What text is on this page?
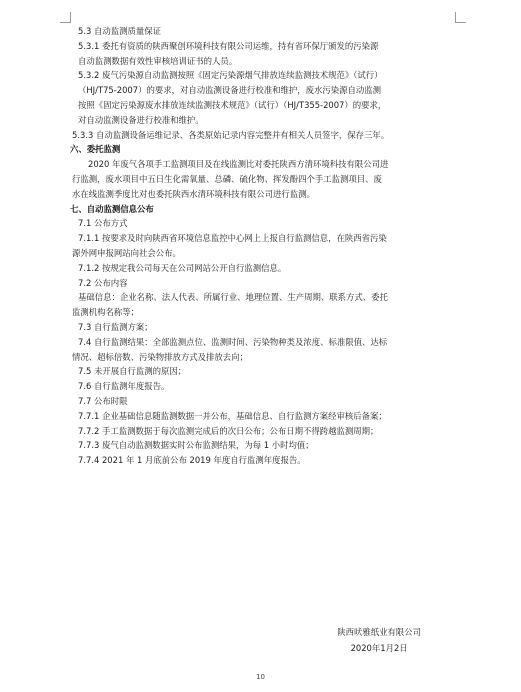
5.3 自动监测质量保证

5.3.1 委托有资质的陕西聚创环境科技有限公司运维，持有省环保厅颁发的污染源

自动监测数据有效性审核培训证书的人员。

5.3.2 废气污染源自动监测按照《固定污染源烟气排放连续监测技术规范》（试行）

（HJ/T75-2007）的要求，对自动监测设备进行校准和维护，废水污染源自动监测

按照《固定污染源废水排放连续监测技术规范》（试行）（HJ/T355-2007）的要求，

对自动监测设备进行校准和维护。

5.3.3 自动监测设备运维记录、各类原始记录内容完整并有相关人员签字，保存三年。

六、委托监测

2020 年废气各项手工监测项目及在线监测比对委托陕西方清环境科技有限公司进

行监测，废水项目中五日生化需氧量、总磷、硫化物、挥发酚四个手工监测项目、废

水在线监测季度比对也委托陕西水清环境科技有限公司进行监测。

七、自动监测信息公布

7.1 公布方式

7.1.1 按要求及时向陕西省环境信息监控中心网上上报自行监测信息，在陕西省污染

源外网申报网站向社会公布。

7.1.2 按规定我公司每天在公司网站公开自行监测信息。

7.2 公布内容

基础信息：企业名称、法人代表、所属行业、地理位置、生产周期、联系方式、委托

监测机构名称等；

7.3 自行监测方案；

7.4 自行监测结果：全部监测点位、监测时间、污染物种类及浓度、标准限值、达标

情况、超标倍数、污染物排放方式及排放去向；

7.5 未开展自行监测的原因；

7.6 自行监测年度报告。

7.7 公布时限

7.7.1 企业基础信息随监测数据一并公布，基础信息、自行监测方案经审核后备案；

7.7.2 手工监测数据于每次监测完成后的次日公布；公布日期不得跨越监测周期；

7.7.3 废气自动监测数据实时公布监测结果，为每 1 小时均值；

7.7.4 2021 年 1 月底前公布 2019 年度自行监测年度报告。

陕西吠雅纸业有限公司
2020年1月2日
10
